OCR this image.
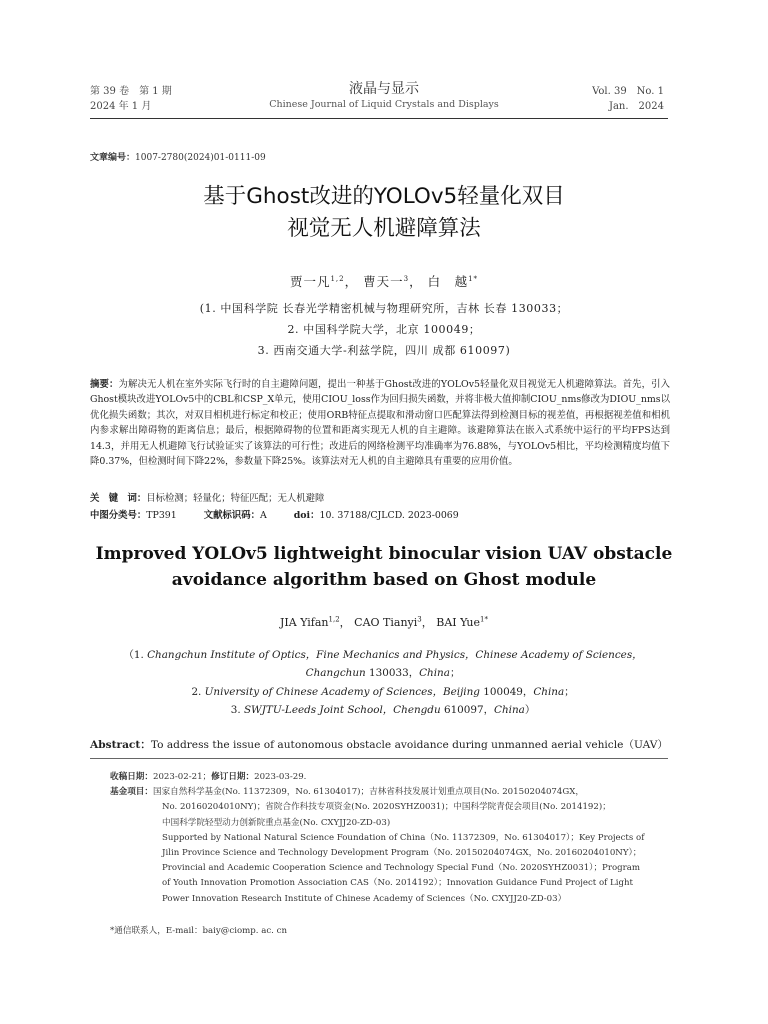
第 39 卷　第 1 期
2024 年 1 月
液晶与显示
Chinese Journal of Liquid Crystals and Displays
Vol. 39　No. 1
Jan.　2024
文章编号：1007-2780(2024)01-0111-09
基于Ghost改进的YOLOv5轻量化双目
视觉无人机避障算法
贾一凡$^{1,2}$， 曹天一$^3$， 白　越$^{1*}$
(1. 中国科学院 长春光学精密机械与物理研究所，吉林 长春 130033；
2. 中国科学院大学，北京 100049；
3. 西南交通大学-利兹学院，四川 成都 610097)
摘要：为解决无人机在室外实际飞行时的自主避障问题，提出一种基于Ghost改进的YOLOv5轻量化双目视觉无人机避障算法。首先，引入Ghost模块改进YOLOv5中的CBL和CSP_X单元，使用CIOU_loss作为回归损失函数，并将非极大值抑制CIOU_nms修改为DIOU_nms以优化损失函数；其次，对双目相机进行标定和校正；使用ORB特征点提取和滑动窗口匹配算法得到检测目标的视差值，再根据视差值和相机内参求解出障碍物的距离信息；最后，根据障碍物的位置和距离实现无人机的自主避障。该避障算法在嵌入式系统中运行的平均FPS达到14.3，并用无人机避障飞行试验证实了该算法的可行性；改进后的网络检测平均准确率为76.88%，与YOLOv5相比，平均检测精度均值下降0.37%，但检测时间下降22%，参数量下降25%。该算法对无人机的自主避障具有重要的应用价值。
关　键　词：目标检测；轻量化；特征匹配；无人机避障
中图分类号：TP391	文献标识码：A	doi：10. 37188/CJLCD. 2023-0069
Improved YOLOv5 lightweight binocular vision UAV obstacle
avoidance algorithm based on Ghost module
JIA Yifan$^{1,2}$， CAO Tianyi$^3$， BAI Yue$^{1*}$
（1. Changchun Institute of Optics，Fine Mechanics and Physics，Chinese Academy of Sciences，
Changchun 130033，China；
2. University of Chinese Academy of Sciences，Beijing 100049，China；
3. SWJTU-Leeds Joint School，Chengdu 610097，China）
Abstract：To address the issue of autonomous obstacle avoidance during unmanned aerial vehicle（UAV）
收稿日期：2023-02-21；修订日期：2023-03-29.
基金项目：国家自然科学基金(No. 11372309，No. 61304017)；吉林省科技发展计划重点项目(No. 20150204074GX，
No. 20160204010NY)；省院合作科技专项资金(No. 2020SYHZ0031)；中国科学院青促会项目(No. 2014192)；
中国科学院轻型动力创新院重点基金(No. CXYJJ20-ZD-03)
Supported by National Natural Science Foundation of China（No. 11372309，No. 61304017）；Key Projects of
Jilin Province Science and Technology Development Program（No. 20150204074GX，No. 20160204010NY）；
Provincial and Academic Cooperation Science and Technology Special Fund（No. 2020SYHZ0031）；Program
of Youth Innovation Promotion Association CAS（No. 2014192）；Innovation Guidance Fund Project of Light
Power Innovation Research Institute of Chinese Academy of Sciences（No. CXYJJ20-ZD-03）
*通信联系人，E-mail：baiy@ciomp. ac. cn
